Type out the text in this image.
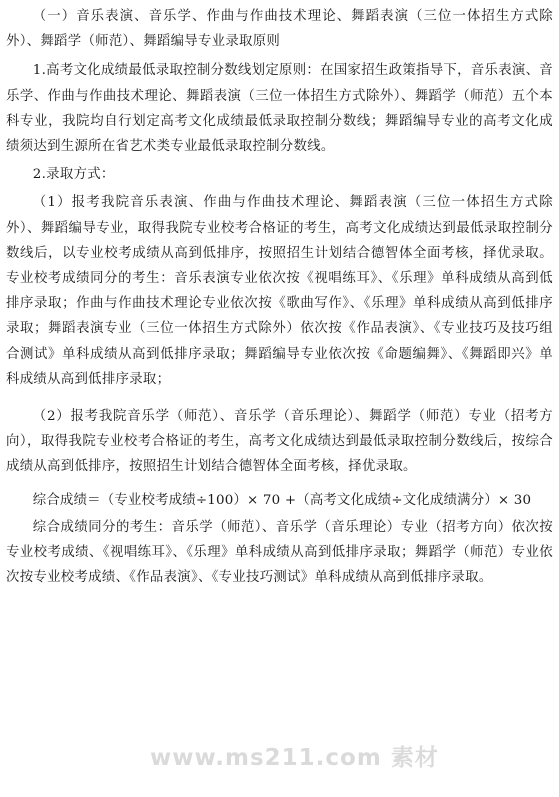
（一）音乐表演、音乐学、作曲与作曲技术理论、舞蹈表演（三位一体招生方式除外）、舞蹈学（师范）、舞蹈编导专业录取原则

1.高考文化成绩最低录取控制分数线划定原则：在国家招生政策指导下，音乐表演、音乐学、作曲与作曲技术理论、舞蹈表演（三位一体招生方式除外）、舞蹈学（师范）五个本科专业，我院均自行划定高考文化成绩最低录取控制分数线；舞蹈编导专业的高考文化成绩须达到生源所在省艺术类专业最低录取控制分数线。

2.录取方式：

（1）报考我院音乐表演、作曲与作曲技术理论、舞蹈表演（三位一体招生方式除外）、舞蹈编导专业，取得我院专业校考合格证的考生，高考文化成绩达到最低录取控制分数线后，以专业校考成绩从高到低排序，按照招生计划结合德智体全面考核，择优录取。专业校考成绩同分的考生：音乐表演专业依次按《视唱练耳》、《乐理》单科成绩从高到低排序录取；作曲与作曲技术理论专业依次按《歌曲写作》、《乐理》单科成绩从高到低排序录取；舞蹈表演专业（三位一体招生方式除外）依次按《作品表演》、《专业技巧及技巧组合测试》单科成绩从高到低排序录取；舞蹈编导专业依次按《命题编舞》、《舞蹈即兴》单科成绩从高到低排序录取；

（2）报考我院音乐学（师范）、音乐学（音乐理论）、舞蹈学（师范）专业（招考方向），取得我院专业校考合格证的考生，高考文化成绩达到最低录取控制分数线后，按综合成绩从高到低排序，按照招生计划结合德智体全面考核，择优录取。

综合成绩＝（专业校考成绩÷100）× 70 +（高考文化成绩÷文化成绩满分）× 30

综合成绩同分的考生：音乐学（师范）、音乐学（音乐理论）专业（招考方向）依次按专业校考成绩、《视唱练耳》、《乐理》单科成绩从高到低排序录取；舞蹈学（师范）专业依次按专业校考成绩、《作品表演》、《专业技巧测试》单科成绩从高到低排序录取。

www.ms211.com 素材
